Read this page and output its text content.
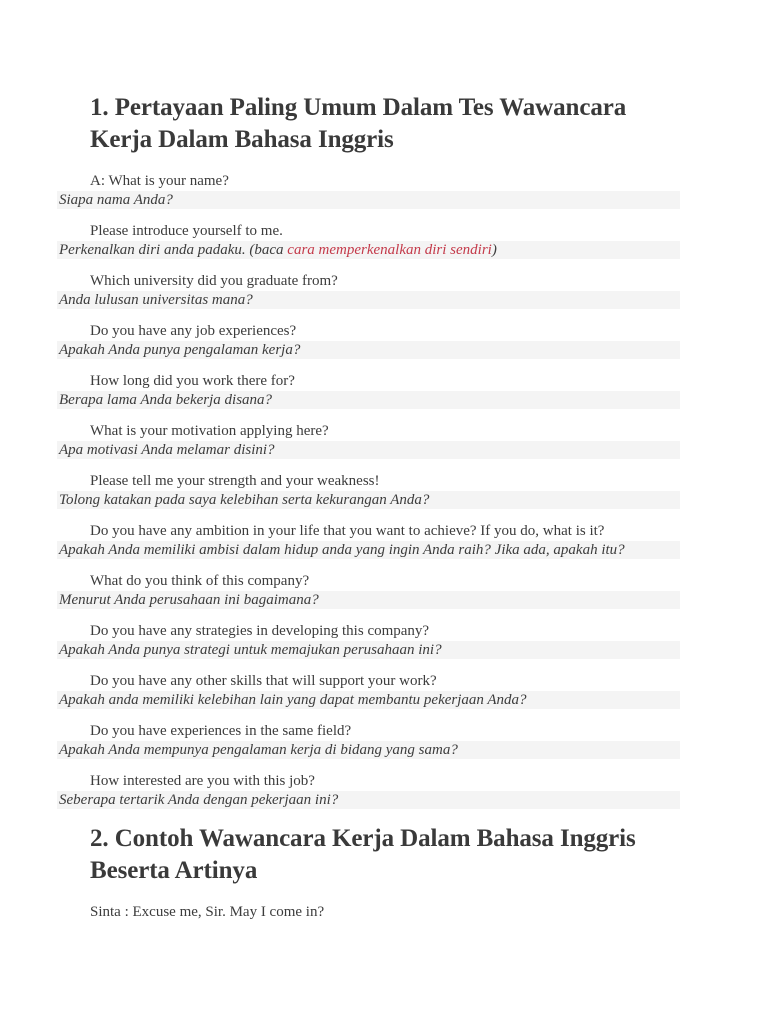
1. Pertayaan Paling Umum Dalam Tes Wawancara
Kerja Dalam Bahasa Inggris
A: What is your name?
Siapa nama Anda?
Please introduce yourself to me.
Perkenalkan diri anda padaku. (baca cara memperkenalkan diri sendiri)
Which university did you graduate from?
Anda lulusan universitas mana?
Do you have any job experiences?
Apakah Anda punya pengalaman kerja?
How long did you work there for?
Berapa lama Anda bekerja disana?
What is your motivation applying here?
Apa motivasi Anda melamar disini?
Please tell me your strength and your weakness!
Tolong katakan pada saya kelebihan serta kekurangan Anda?
Do you have any ambition in your life that you want to achieve? If you do, what is it?
Apakah Anda memiliki ambisi dalam hidup anda yang ingin Anda raih? Jika ada, apakah itu?
What do you think of this company?
Menurut Anda perusahaan ini bagaimana?
Do you have any strategies in developing this company?
Apakah Anda punya strategi untuk memajukan perusahaan ini?
Do you have any other skills that will support your work?
Apakah anda memiliki kelebihan lain yang dapat membantu pekerjaan Anda?
Do you have experiences in the same field?
Apakah Anda mempunya pengalaman kerja di bidang yang sama?
How interested are you with this job?
Seberapa tertarik Anda dengan pekerjaan ini?
2. Contoh Wawancara Kerja Dalam Bahasa Inggris
Beserta Artinya
Sinta : Excuse me, Sir. May I come in?
